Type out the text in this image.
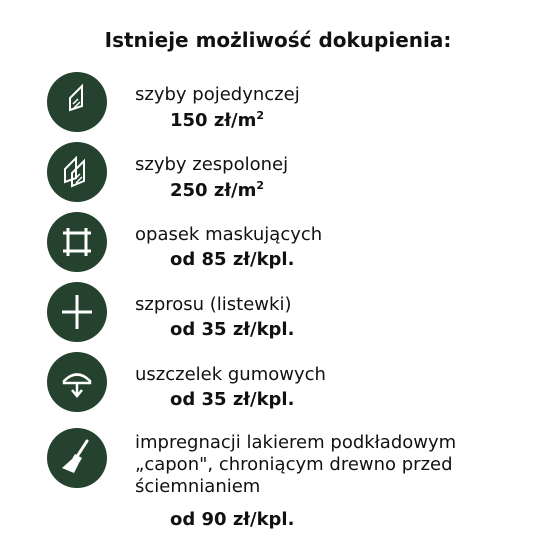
Istnieje możliwość dokupienia:
szyby pojedynczej
150 $zł/m^2$
szyby zespolonej
250 $zł/m^2$
opasek maskujących
od 85 zł/kpl.
szprosu (listewki)
od 35 zł/kpl.
uszczelek gumowych
od 35 zł/kpl.
impregnacji lakierem podkładowym
„capon", chroniącym drewno przed
ściemnianiem
od 90 zł/kpl.
